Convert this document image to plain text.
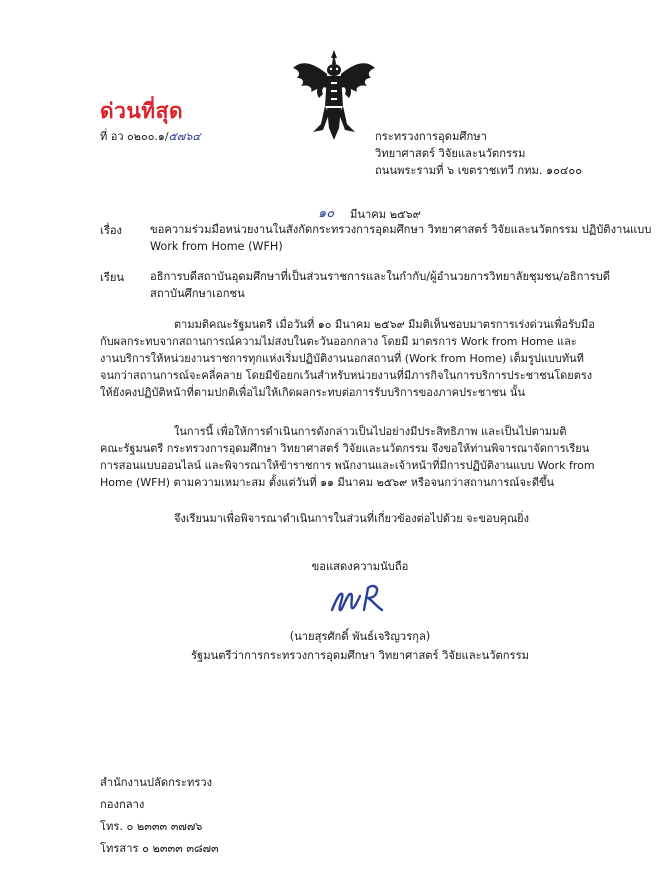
ด่วนที่สุด
ที่ อว ๐๒๐๐.๑/๕๗๖๔	กระทรวงการอุดมศึกษา
วิทยาศาสตร์ วิจัยและนวัตกรรม
ถนนพระรามที่ ๖ เขตราชเทวี กทม. ๑๐๔๐๐
๑๐ มีนาคม ๒๕๖๙
เรื่อง ขอความร่วมมือหน่วยงานในสังกัดกระทรวงการอุดมศึกษา วิทยาศาสตร์ วิจัยและนวัตกรรม ปฏิบัติงานแบบ
Work from Home (WFH)
เรียน อธิการบดีสถาบันอุดมศึกษาที่เป็นส่วนราชการและในกำกับ/ผู้อำนวยการวิทยาลัยชุมชน/อธิการบดี
สถาบันศึกษาเอกชน
ตามมติคณะรัฐมนตรี เมื่อวันที่ ๑๐ มีนาคม ๒๕๖๙ มีมติเห็นชอบมาตรการเร่งด่วนเพื่อรับมือ
กับผลกระทบจากสถานการณ์ความไม่สงบในตะวันออกกลาง โดยมี มาตรการ Work from Home และ
งานบริการให้หน่วยงานราชการทุกแห่งเริ่มปฏิบัติงานนอกสถานที่ (Work from Home) เต็มรูปแบบทันที
จนกว่าสถานการณ์จะคลี่คลาย โดยมีข้อยกเว้นสำหรับหน่วยงานที่มีภารกิจในการบริการประชาชนโดยตรง
ให้ยังคงปฏิบัติหน้าที่ตามปกติเพื่อไม่ให้เกิดผลกระทบต่อการรับบริการของภาคประชาชน นั้น
ในการนี้ เพื่อให้การดำเนินการดังกล่าวเป็นไปอย่างมีประสิทธิภาพ และเป็นไปตามมติ
คณะรัฐมนตรี กระทรวงการอุดมศึกษา วิทยาศาสตร์ วิจัยและนวัตกรรม จึงขอให้ท่านพิจารณาจัดการเรียน
การสอนแบบออนไลน์ และพิจารณาให้ข้าราชการ พนักงานและเจ้าหน้าที่มีการปฏิบัติงานแบบ Work from
Home (WFH) ตามความเหมาะสม ตั้งแต่วันที่ ๑๑ มีนาคม ๒๕๖๙ หรือจนกว่าสถานการณ์จะดีขึ้น
จึงเรียนมาเพื่อพิจารณาดำเนินการในส่วนที่เกี่ยวข้องต่อไปด้วย จะขอบคุณยิ่ง
ขอแสดงความนับถือ
(นายสุรศักดิ์ พันธ์เจริญวรกุล)
รัฐมนตรีว่าการกระทรวงการอุดมศึกษา วิทยาศาสตร์ วิจัยและนวัตกรรม
สำนักงานปลัดกระทรวง
กองกลาง
โทร. ๐ ๒๓๓๓ ๓๗๗๖
โทรสาร ๐ ๒๓๓๓ ๓๘๗๓
